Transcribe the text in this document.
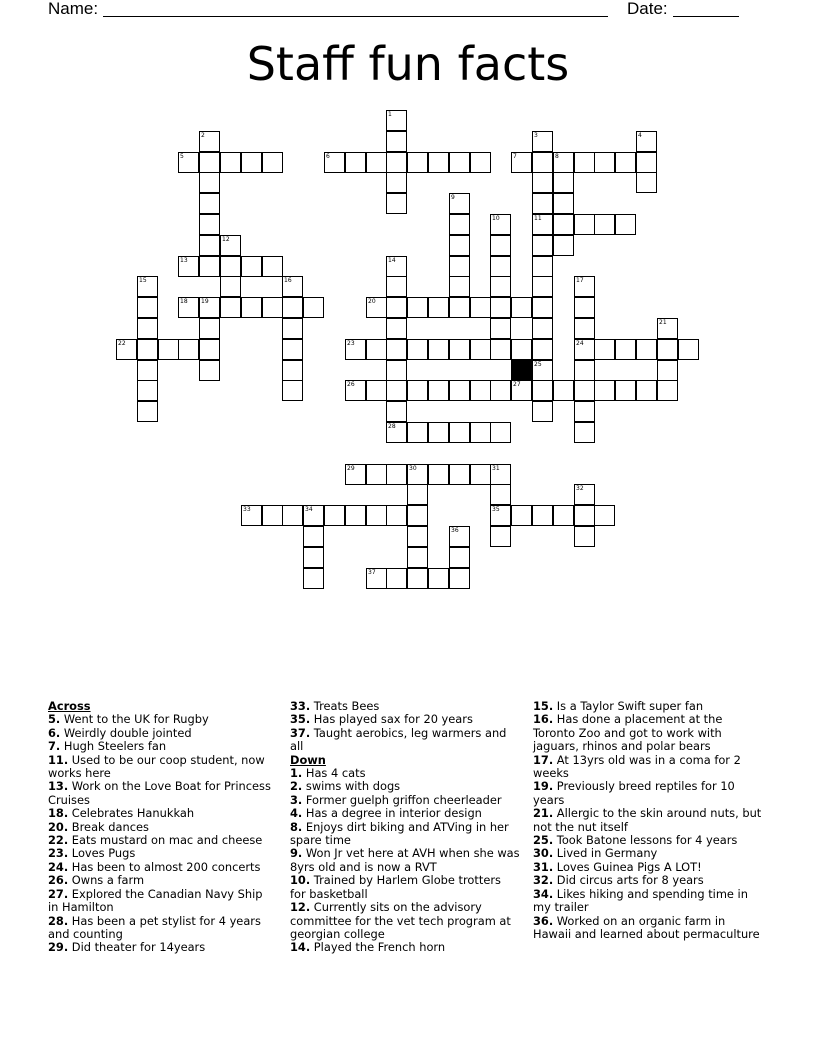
Name:	Date:
Staff fun facts
1
2	3
11
25
4
5	6	7	8
9
10
12
13	14
28
15	16	17
24
18 19	20
21
22	23
26	27
29	30	31
35
32
33	34
36
37
Across
5. Went to the UK for Rugby
6. Weirdly double jointed
7. Hugh Steelers fan
11. Used to be our coop student, now works here
13. Work on the Love Boat for Princess Cruises
18. Celebrates Hanukkah
20. Break dances
22. Eats mustard on mac and cheese
23. Loves Pugs
24. Has been to almost 200 concerts
26. Owns a farm
27. Explored the Canadian Navy Ship in Hamilton
28. Has been a pet stylist for 4 years and counting
29. Did theater for 14years
33. Treats Bees
35. Has played sax for 20 years
37. Taught aerobics, leg warmers and all
Down
1. Has 4 cats
2. swims with dogs
3. Former guelph griffon cheerleader
4. Has a degree in interior design
8. Enjoys dirt biking and ATVing in her spare time
9. Won Jr vet here at AVH when she was 8yrs old and is now a RVT
10. Trained by Harlem Globe trotters for basketball
12. Currently sits on the advisory committee for the vet tech program at georgian college
14. Played the French horn
15. Is a Taylor Swift super fan
16. Has done a placement at the Toronto Zoo and got to work with jaguars, rhinos and polar bears
17. At 13yrs old was in a coma for 2 weeks
19. Previously breed reptiles for 10 years
21. Allergic to the skin around nuts, but not the nut itself
25. Took Batone lessons for 4 years
30. Lived in Germany
31. Loves Guinea Pigs A LOT!
32. Did circus arts for 8 years
34. Likes hiking and spending time in my trailer
36. Worked on an organic farm in Hawaii and learned about permaculture
